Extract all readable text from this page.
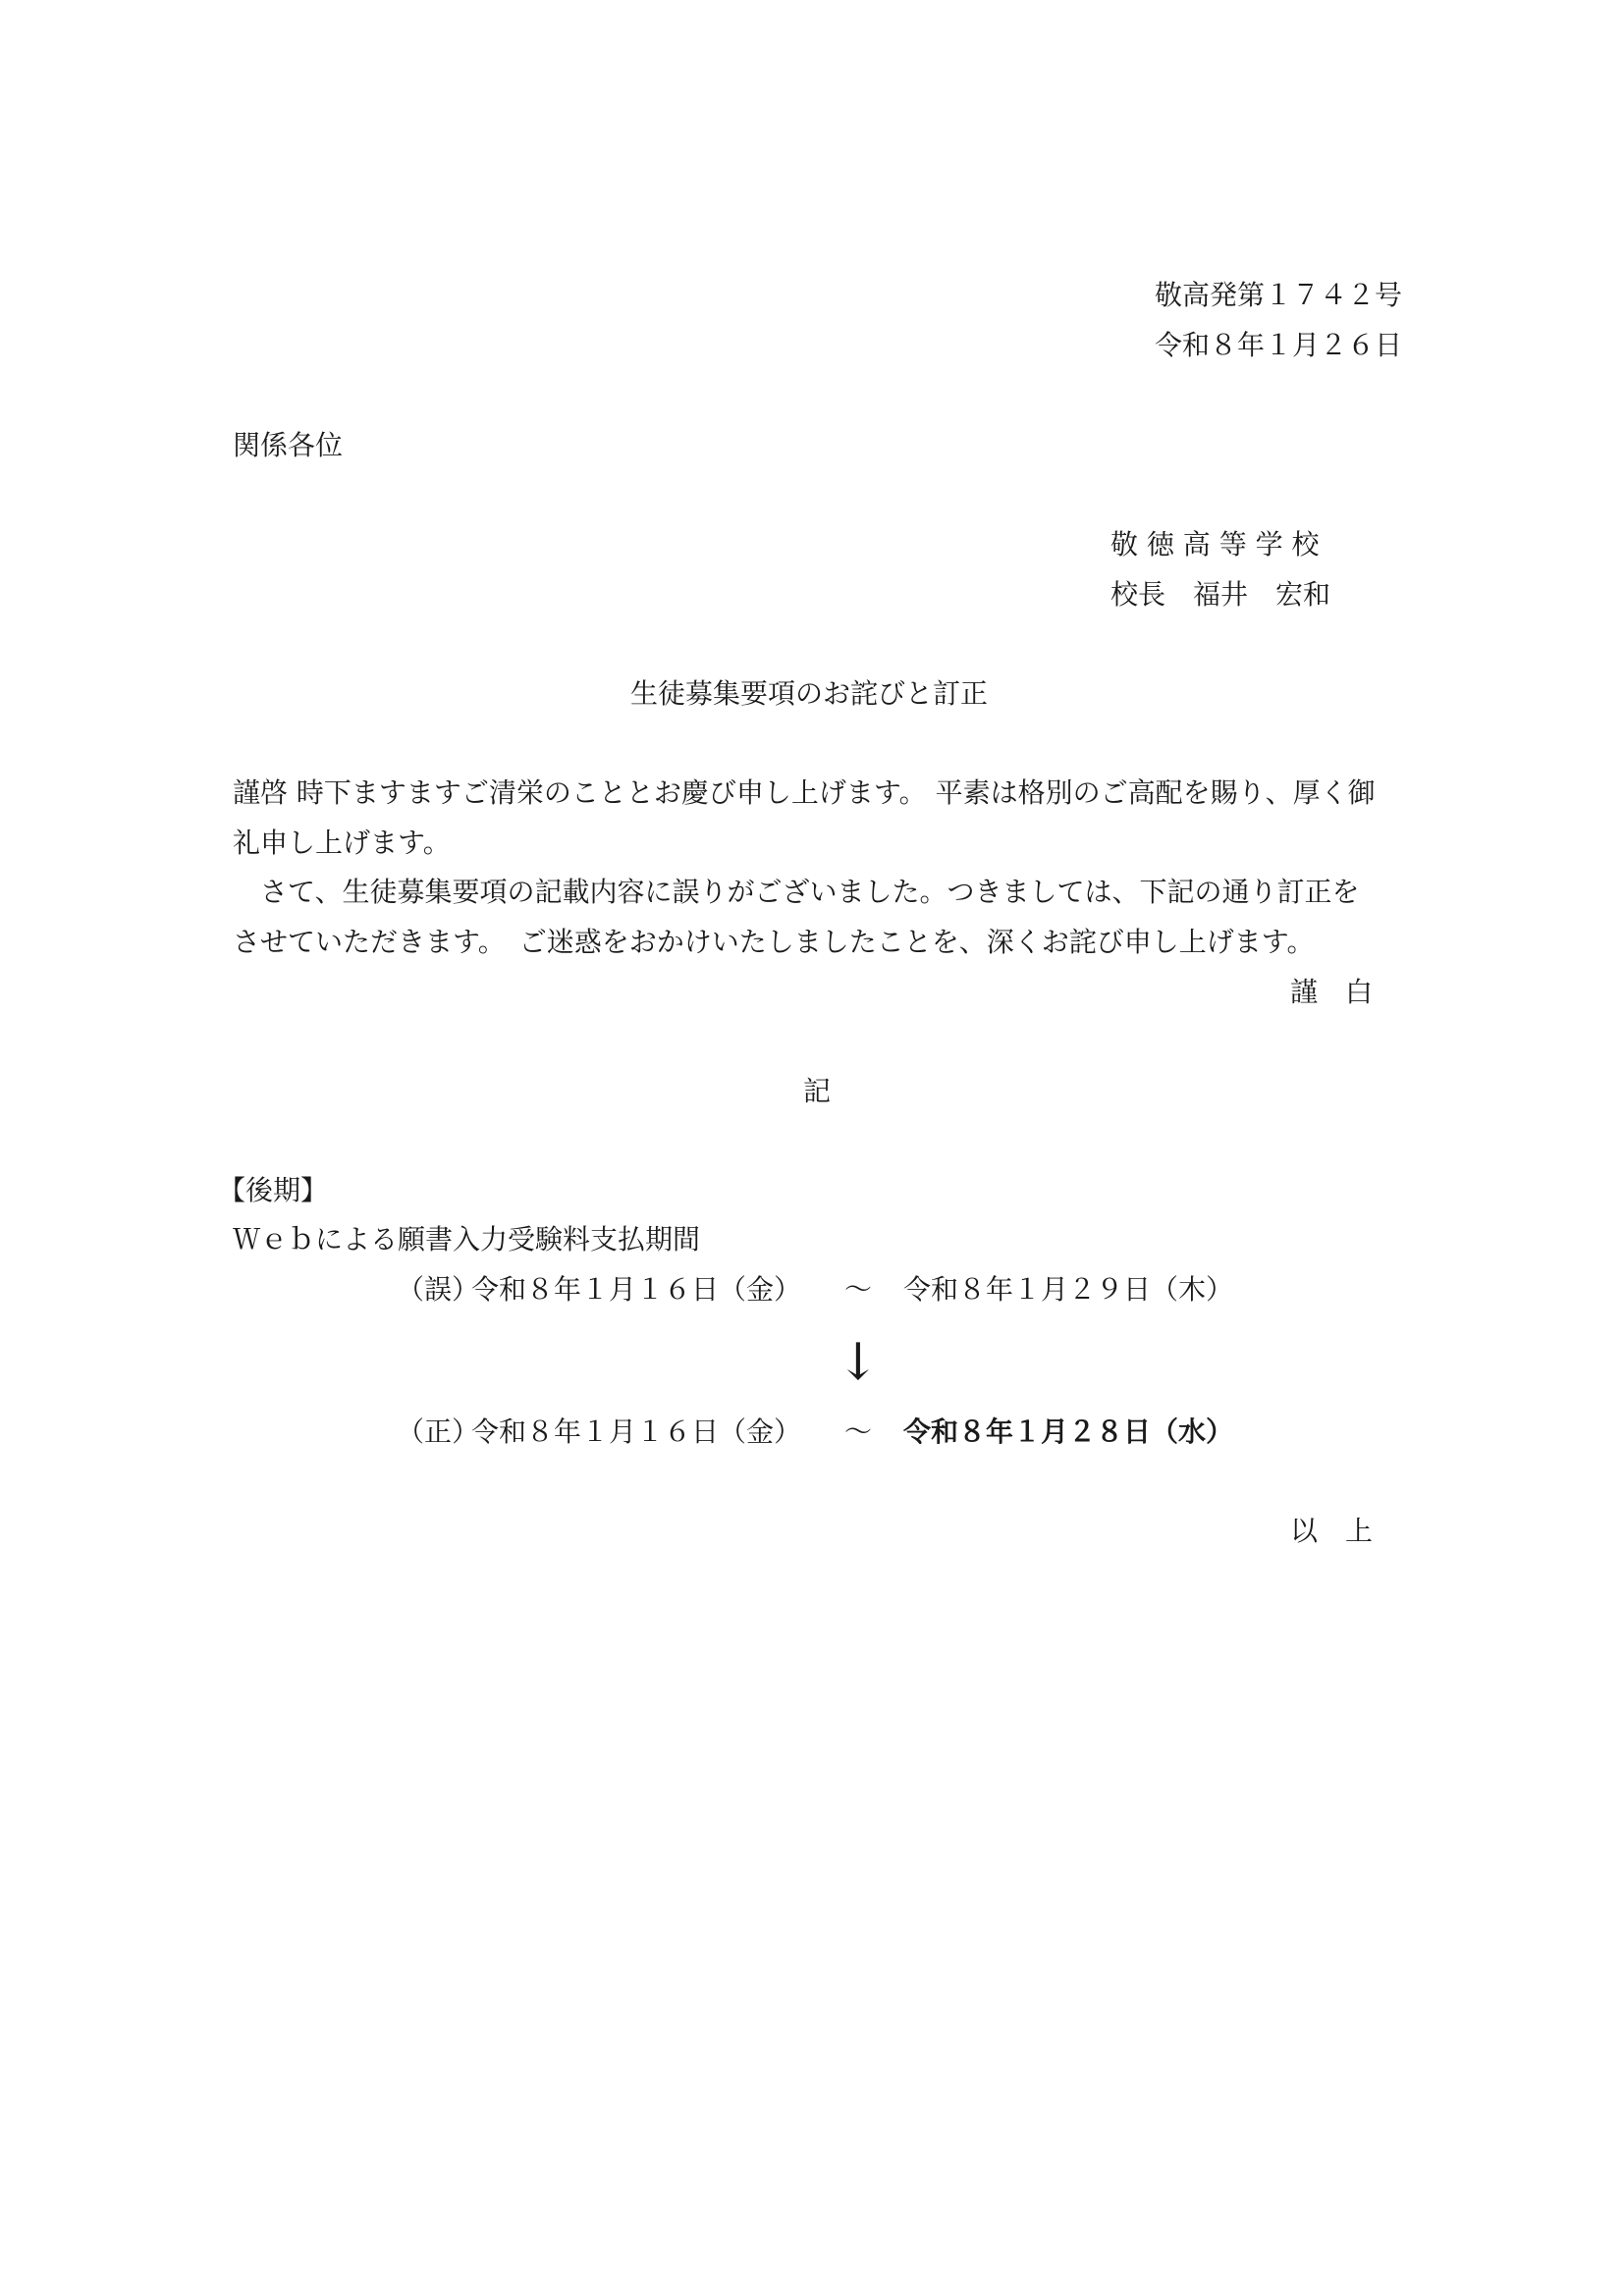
敬高発第１７４２号

令和８年１月２６日

関係各位

敬 徳 高 等 学 校

校長　福井　宏和

生徒募集要項のお詫びと訂正

謹啓 時下ますますご清栄のこととお慶び申し上げます。 平素は格別のご高配を賜り、厚く御

礼申し上げます。

　さて、生徒募集要項の記載内容に誤りがございました。つきましては、下記の通り訂正を

させていただきます。　ご迷惑をおかけいたしましたことを、深くお詫び申し上げます。

謹　白

記

【後期】

Ｗｅｂによる願書入力受験料支払期間

（誤）

令和８年１月１６日（金） ～ 令和８年１月２９日（木）

↓

（正）

令和８年１月１６日（金） ～ 令和８年１月２８日（水）

以　上
